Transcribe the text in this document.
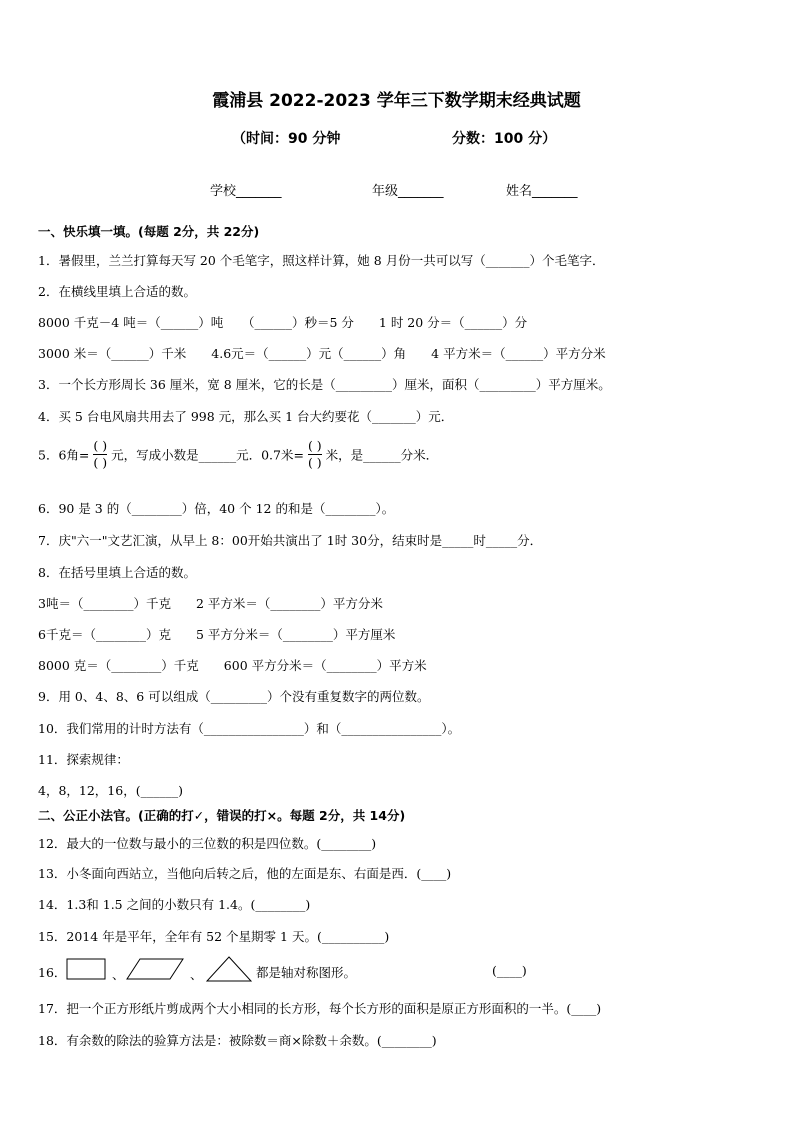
霞浦县 2022-2023 学年三下数学期末经典试题
（时间：90 分钟	分数：100 分）
学校_______	年级_______	姓名_______
一、快乐填一填。(每题 2分，共 22分)
1．暑假里，兰兰打算每天写 20 个毛笔字，照这样计算，她 8 月份一共可以写（_______）个毛笔字．
2．在横线里填上合适的数。
8000 千克－4 吨＝（______）吨　　（______）秒＝5 分　　1 时 20 分＝（______）分
3000 米＝（______）千米　　4.6元＝（______）元（______）角　　4 平方米＝（______）平方分米
3．一个长方形周长 36 厘米，宽 8 厘米，它的长是（_________）厘米，面积（_________）平方厘米。
4．买 5 台电风扇共用去了 998 元，那么买 1 台大约要花（_______）元．
5．6角= $\frac{( )}{( )}$ 元，写成小数是______元．0.7米= $\frac{( )}{( )}$ 米，是______分米．
6．90 是 3 的（________）倍，40 个 12 的和是（________）。
7．庆"六一"文艺汇演，从早上 8：00开始共演出了 1时 30分，结束时是_____时_____分．
8．在括号里填上合适的数。
3吨＝（________）千克　　2 平方米＝（________）平方分米
6千克＝（________）克　　5 平方分米＝（________）平方厘米
8000 克＝（________）千克　　600 平方分米＝（________）平方米
9．用 0、4、8、6 可以组成（_________）个没有重复数字的两位数。
10．我们常用的计时方法有（________________）和（________________）。
11．探索规律：
4，8，12，16，(______)
二、公正小法官。(正确的打✓，错误的打×。每题 2分，共 14分)
12．最大的一位数与最小的三位数的积是四位数。(________)
13．小冬面向西站立，当他向后转之后，他的左面是东、右面是西．(____)
14．1.3和 1.5 之间的小数只有 1.4。(________)
15．2014 年是平年，全年有 52 个星期零 1 天。(__________)
16．	、	、	都是轴对称图形。	(____)
17．把一个正方形纸片剪成两个大小相同的长方形，每个长方形的面积是原正方形面积的一半。(____)
18．有余数的除法的验算方法是：被除数＝商×除数＋余数。(________)
